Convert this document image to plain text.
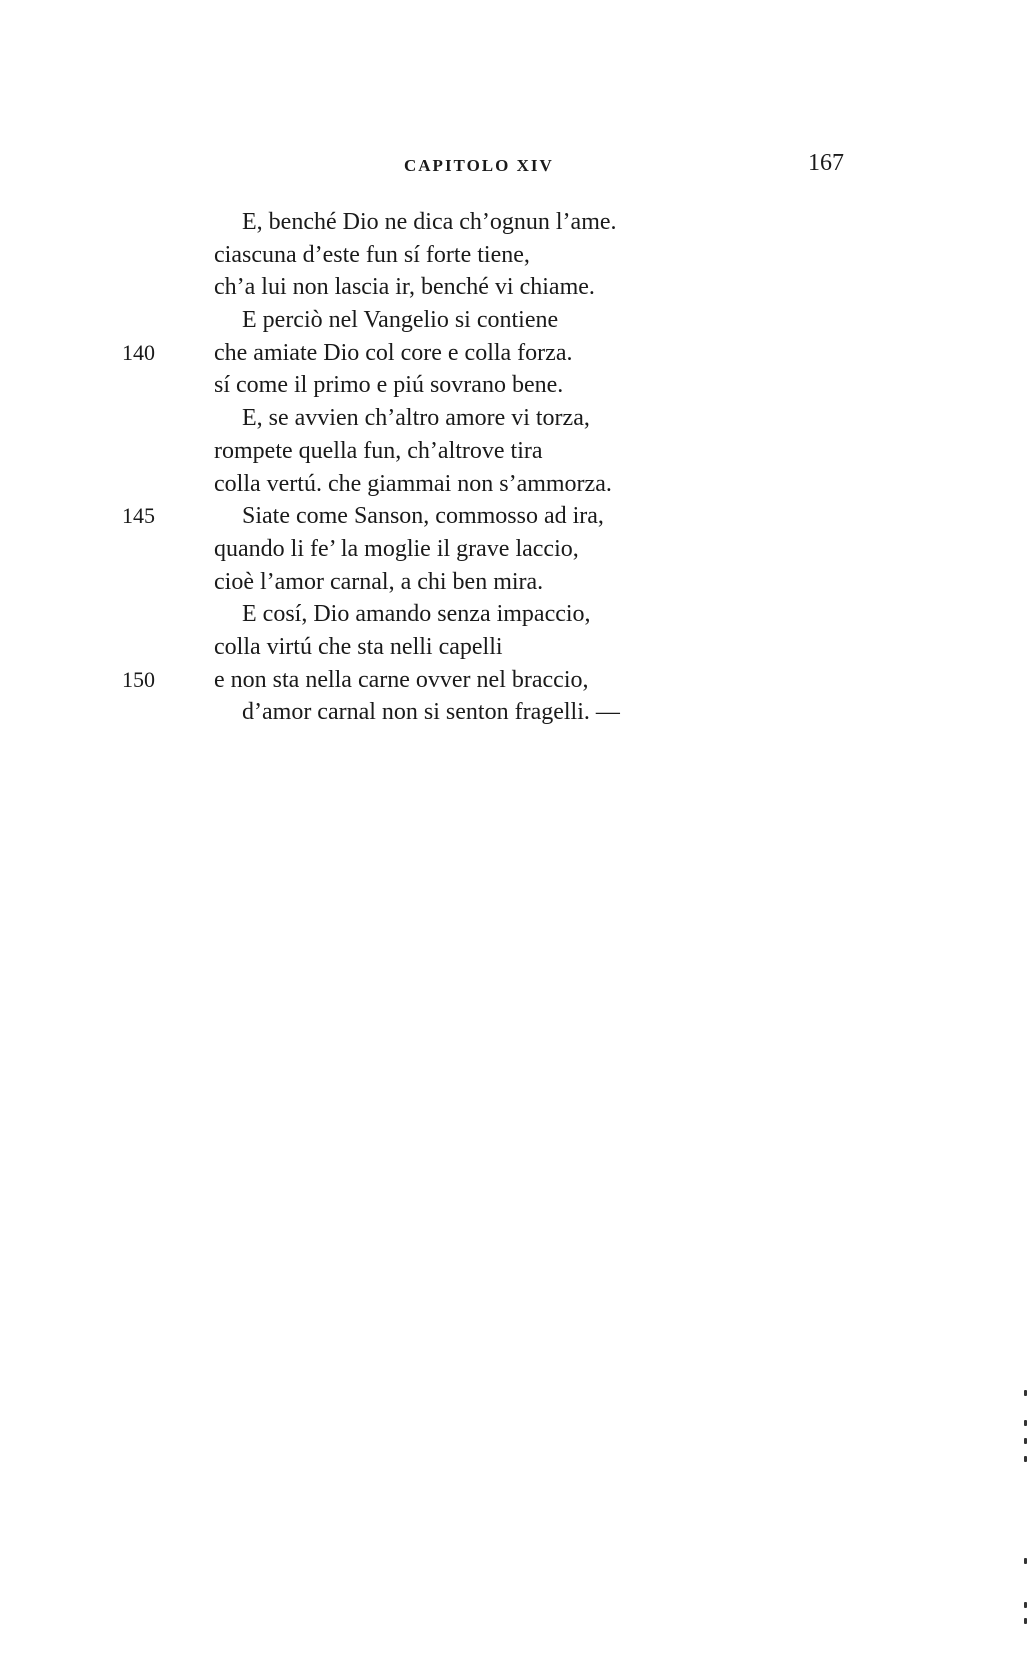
CAPITOLO XIV	167
E, benché Dio ne dica ch’ognun l’ame.
ciascuna d’este fun sí forte tiene,
ch’a lui non lascia ir, benché vi chiame.
E perciò nel Vangelio si contiene
140 che amiate Dio col core e colla forza.
sí come il primo e piú sovrano bene.
E, se avvien ch’altro amore vi torza,
rompete quella fun, ch’altrove tira
colla vertú. che giammai non s’ammorza.
145	Siate come Sanson, commosso ad ira,
quando li fe’ la moglie il grave laccio,
cioè l’amor carnal, a chi ben mira.
E cosí, Dio amando senza impaccio,
colla virtú che sta nelli capelli
150 e non sta nella carne ovver nel braccio,
d’amor carnal non si senton fragelli. —
